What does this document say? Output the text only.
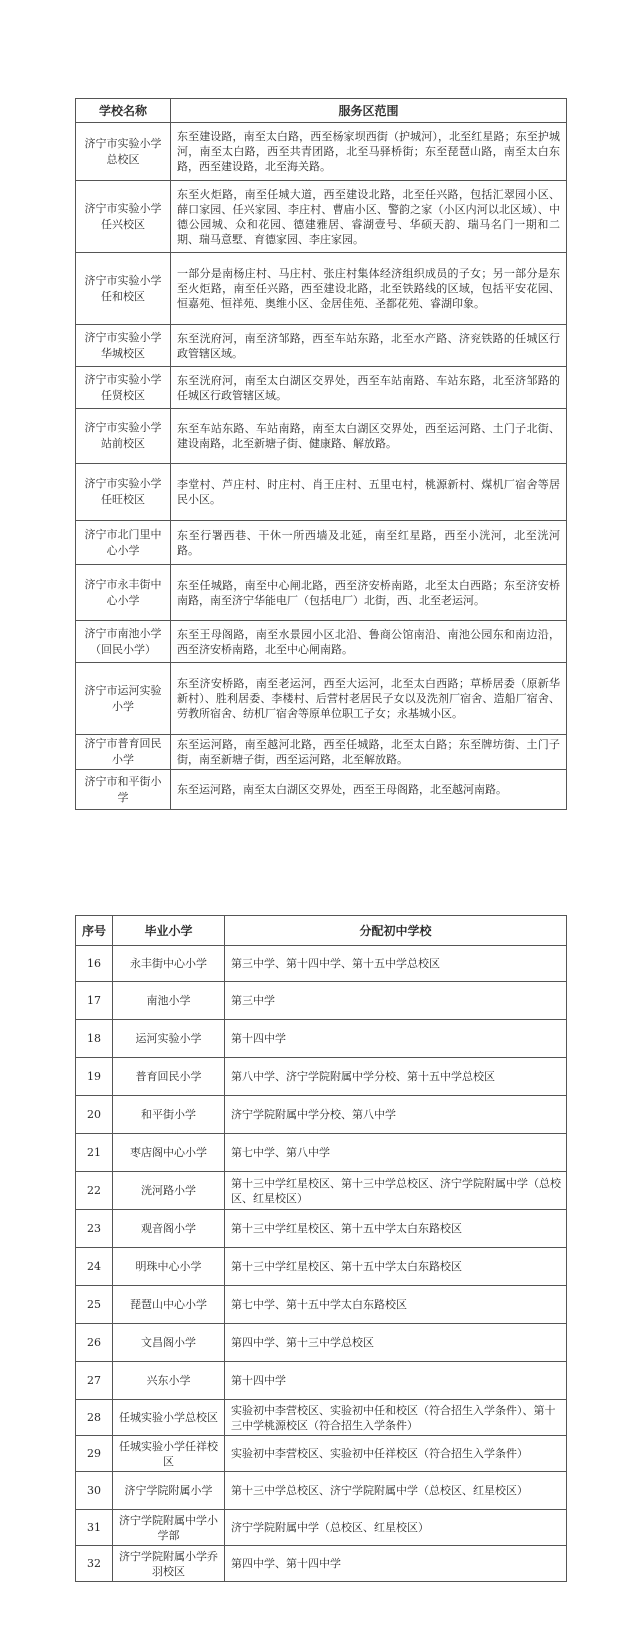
学校名称	服务区范围
济宁市实验小学总校区	东至建设路，南至太白路，西至杨家坝西街（护城河），北至红星路；东至护城河，南至太白路，西至共青团路，北至马驿桥街；东至琵琶山路，南至太白东路，西至建设路，北至海关路。
济宁市实验小学任兴校区	东至火炬路，南至任城大道，西至建设北路，北至任兴路，包括汇翠园小区、薛口家园、任兴家园、李庄村、曹庙小区、警韵之家（小区内河以北区域）、中德公园城、众和花园、德建雅居、睿湖壹号、华硕天韵、瑞马名门一期和二期、瑞马意墅、育德家园、李庄家园。
济宁市实验小学任和校区	一部分是南杨庄村、马庄村、张庄村集体经济组织成员的子女；另一部分是东至火炬路，南至任兴路，西至建设北路，北至铁路线的区域，包括平安花园、恒嘉苑、恒祥苑、奥维小区、金居佳苑、圣都花苑、睿湖印象。
济宁市实验小学华城校区	东至洸府河，南至济邹路，西至车站东路，北至水产路、济兖铁路的任城区行政管辖区域。
济宁市实验小学任贤校区	东至洸府河，南至太白湖区交界处，西至车站南路、车站东路，北至济邹路的任城区行政管辖区域。
济宁市实验小学站前校区	东至车站东路、车站南路，南至太白湖区交界处，西至运河路、土门子北街、建设南路，北至新塘子街、健康路、解放路。
济宁市实验小学任旺校区	李堂村、芦庄村、时庄村、肖王庄村、五里屯村，桃源新村、煤机厂宿舍等居民小区。
济宁市北门里中心小学	东至行署西巷、干休一所西墙及北延，南至红星路，西至小洸河，北至洸河路。
济宁市永丰街中心小学	东至任城路，南至中心闸北路，西至济安桥南路，北至太白西路；东至济安桥南路，南至济宁华能电厂（包括电厂）北街，西、北至老运河。
济宁市南池小学（回民小学）	东至王母阁路，南至水景园小区北沿、鲁商公馆南沿、南池公园东和南边沿，西至济安桥南路，北至中心闸南路。
济宁市运河实验小学	东至济安桥路，南至老运河，西至大运河，北至太白西路；草桥居委（原新华新村）、胜利居委、李楼村、后营村老居民子女以及洗剂厂宿舍、造船厂宿舍、劳教所宿舍、纺机厂宿舍等原单位职工子女；永基城小区。
济宁市普育回民小学	东至运河路，南至越河北路，西至任城路，北至太白路；东至牌坊街、土门子街，南至新塘子街，西至运河路，北至解放路。
济宁市和平街小学	东至运河路，南至太白湖区交界处，西至王母阁路，北至越河南路。
序号	毕业小学	分配初中学校
16	永丰街中心小学	第三中学、第十四中学、第十五中学总校区
17	南池小学	第三中学
18	运河实验小学	第十四中学
19	普育回民小学	第八中学、济宁学院附属中学分校、第十五中学总校区
20	和平街小学	济宁学院附属中学分校、第八中学
21	枣店阁中心小学	第七中学、第八中学
22	洸河路小学	第十三中学红星校区、第十三中学总校区、济宁学院附属中学（总校区、红星校区）
23	观音阁小学	第十三中学红星校区、第十五中学太白东路校区
24	明珠中心小学	第十三中学红星校区、第十五中学太白东路校区
25	琵琶山中心小学	第七中学、第十五中学太白东路校区
26	文昌阁小学	第四中学、第十三中学总校区
27	兴东小学	第十四中学
28	任城实验小学总校区	实验初中李营校区、实验初中任和校区（符合招生入学条件）、第十三中学桃源校区（符合招生入学条件）
29	任城实验小学任祥校区	实验初中李营校区、实验初中任祥校区（符合招生入学条件）
30	济宁学院附属小学	第十三中学总校区、济宁学院附属中学（总校区、红星校区）
31	济宁学院附属中学小学部	济宁学院附属中学（总校区、红星校区）
32	济宁学院附属小学乔羽校区	第四中学、第十四中学
